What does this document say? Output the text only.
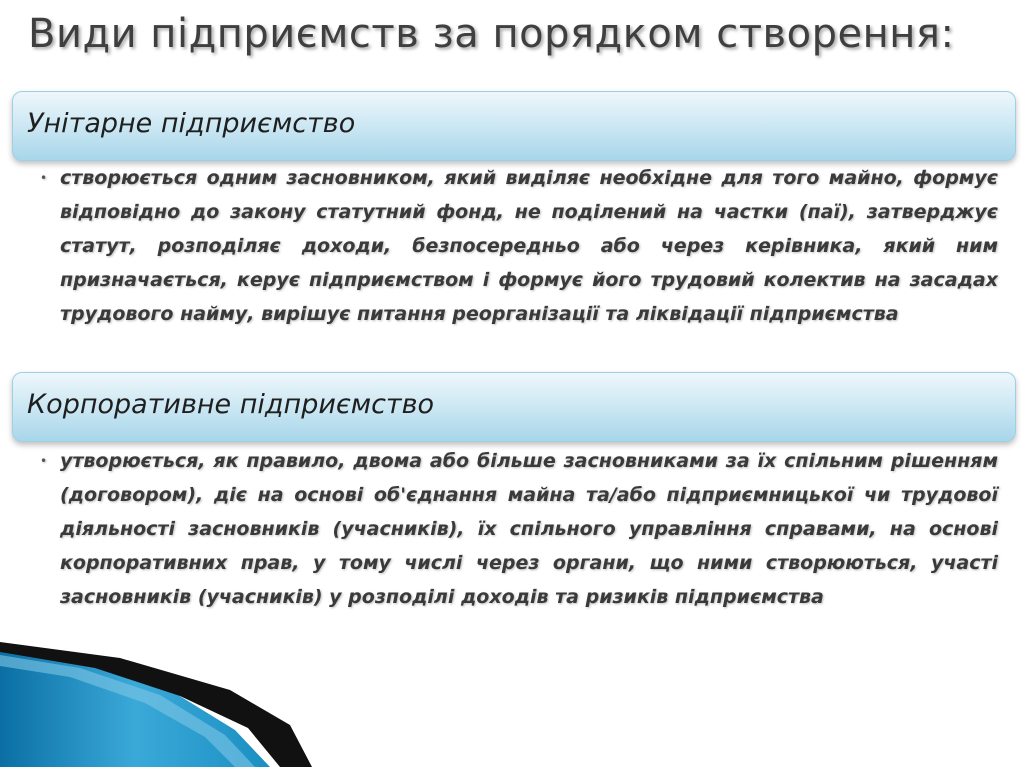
Види підприємств за порядком створення:
Унітарне підприємство
• створюється одним засновником, який виділяє необхідне для того майно, формує відповідно до закону статутний фонд, не поділений на частки (паї), затверджує статут, розподіляє доходи, безпосередньо або через керівника, який ним призначається, керує підприємством і формує його трудовий колектив на засадах трудового найму, вирішує питання реорганізації та ліквідації підприємства
Корпоративне підприємство
• утворюється, як правило, двома або більше засновниками за їх спільним рішенням (договором), діє на основі об'єднання майна та/або підприємницької чи трудової діяльності засновників (учасників), їх спільного управління справами, на основі корпоративних прав, у тому числі через органи, що ними створюються, участі засновників (учасників) у розподілі доходів та ризиків підприємства
